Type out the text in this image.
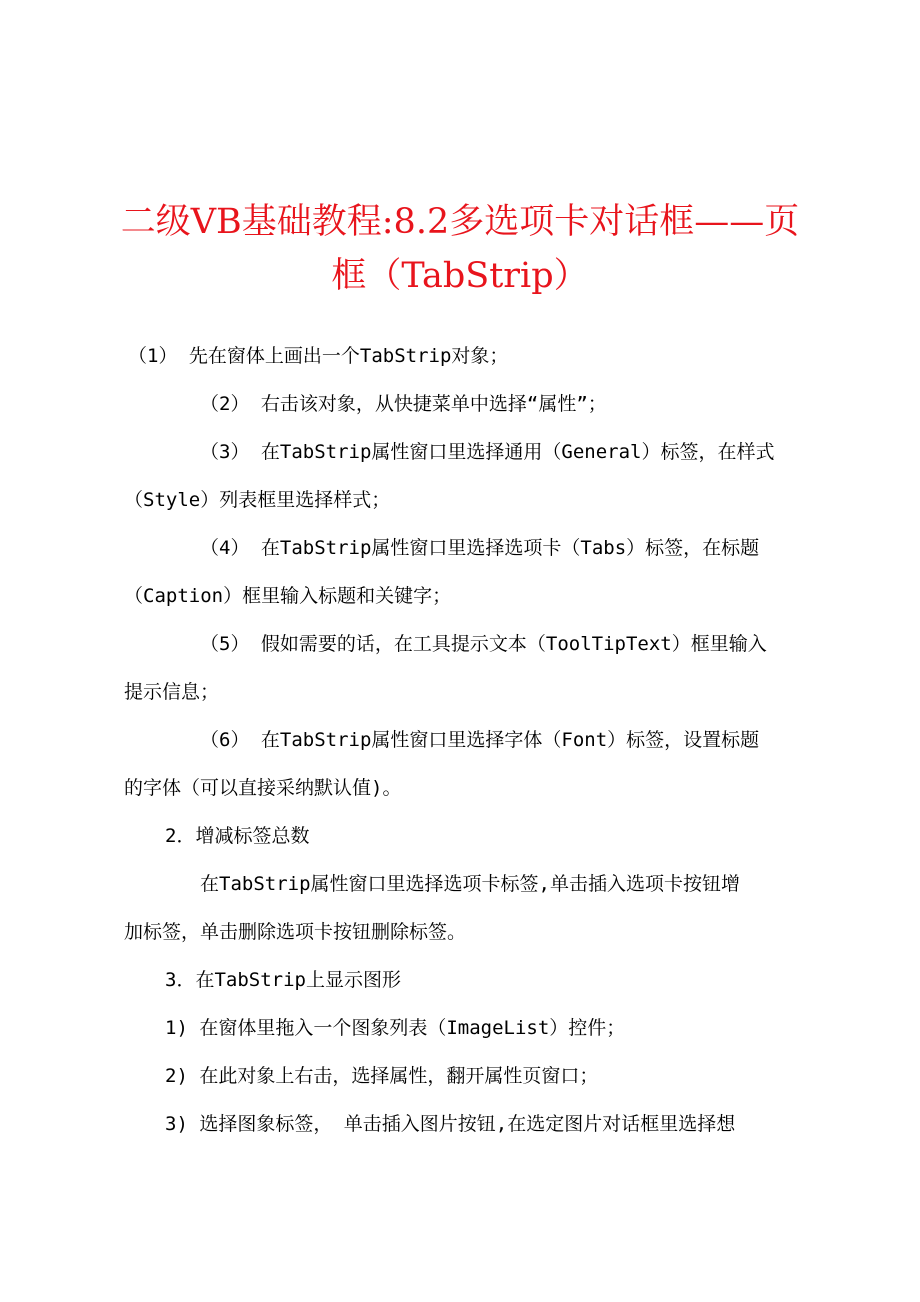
二级VB基础教程:8.2多选项卡对话框——页
框（TabStrip）
（1） 先在窗体上画出一个TabStrip对象；
（2） 右击该对象，从快捷菜单中选择“属性”；
（3） 在TabStrip属性窗口里选择通用（General）标签，在样式
（Style）列表框里选择样式；
（4） 在TabStrip属性窗口里选择选项卡（Tabs）标签，在标题
（Caption）框里输入标题和关键字；
（5） 假如需要的话，在工具提示文本（ToolTipText）框里输入
提示信息；
（6） 在TabStrip属性窗口里选择字体（Font）标签，设置标题
的字体（可以直接采纳默认值)。
2．增减标签总数
在TabStrip属性窗口里选择选项卡标签,单击插入选项卡按钮增
加标签，单击删除选项卡按钮删除标签。
3．在TabStrip上显示图形
1) 在窗体里拖入一个图象列表（ImageList）控件；
2) 在此对象上右击，选择属性，翻开属性页窗口；
3) 选择图象标签， 单击插入图片按钮,在选定图片对话框里选择想
